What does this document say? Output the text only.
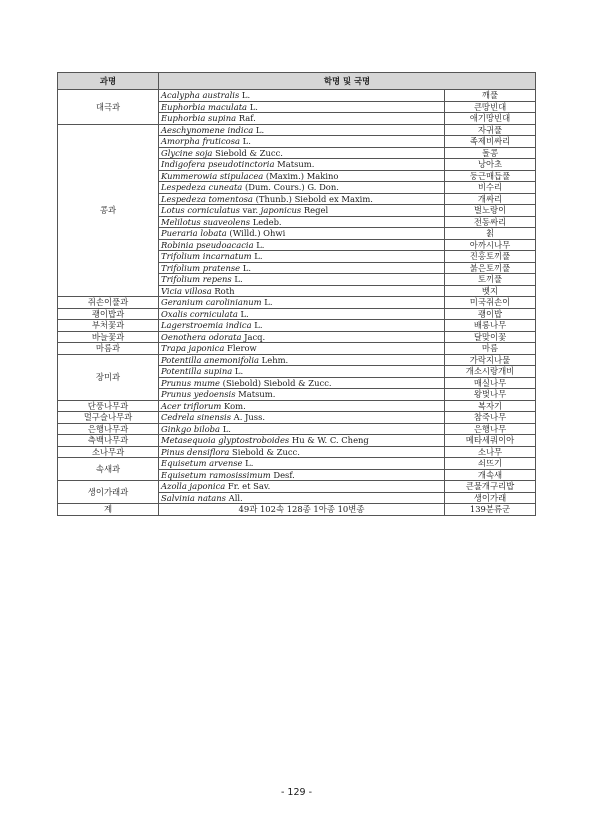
과명	학명 및 국명	
대극과	Acalypha australis L.	깨풀
	Euphorbia maculata L.	큰땅빈대
	Euphorbia supina Raf.	애기땅빈대
콩과	Aeschynomene indica L.	자귀풀
	Amorpha fruticosa L.	족제비싸리
	Glycine soja Siebold & Zucc.	돌콩
	Indigofera pseudotinctoria Matsum.	낭아초
	Kummerowia stipulacea (Maxim.) Makino	둥근매듭풀
	Lespedeza cuneata (Dum. Cours.) G. Don.	비수리
	Lespedeza tomentosa (Thunb.) Siebold ex Maxim.	개싸리
	Lotus corniculatus var. japonicus Regel	벌노랑이
	Melilotus suaveolens Ledeb.	전동싸리
	Pueraria lobata (Willd.) Ohwi	칡
	Robinia pseudoacacia L.	아까시나무
	Trifolium incarnatum L.	진홍토끼풀
	Trifolium pratense L.	붉은토끼풀
	Trifolium repens L.	토끼풀
	Vicia villosa Roth	벳지
쥐손이풀과	Geranium carolinianum L.	미국쥐손이
괭이밥과	Oxalis corniculata L.	괭이밥
부처꽃과	Lagerstroemia indica L.	배롱나무
바늘꽃과	Oenothera odorata Jacq.	달맞이꽃
마름과	Trapa japonica Flerow	마름
장미과	Potentilla anemonifolia Lehm.	가락지나물
	Potentilla supina L.	개소시랑개비
	Prunus mume (Siebold) Siebold & Zucc.	매실나무
	Prunus yedoensis Matsum.	왕벚나무
단풍나무과	Acer triflorum Kom.	복자기
멀구슬나무과	Cedrela sinensis A. Juss.	참죽나무
은행나무과	Ginkgo biloba L.	은행나무
측백나무과	Metasequoia glyptostroboides Hu & W. C. Cheng	메타세쿼이아
소나무과	Pinus densiflora Siebold & Zucc.	소나무
속새과	Equisetum arvense L.	쇠뜨기
	Equisetum ramosissimum Desf.	개속새
생이가래과	Azolla japonica Fr. et Sav.	큰물개구리밥
	Salvinia natans All.	생이가래
계	49과 102속 128종 1아종 10변종	139분류군
- 129 -
